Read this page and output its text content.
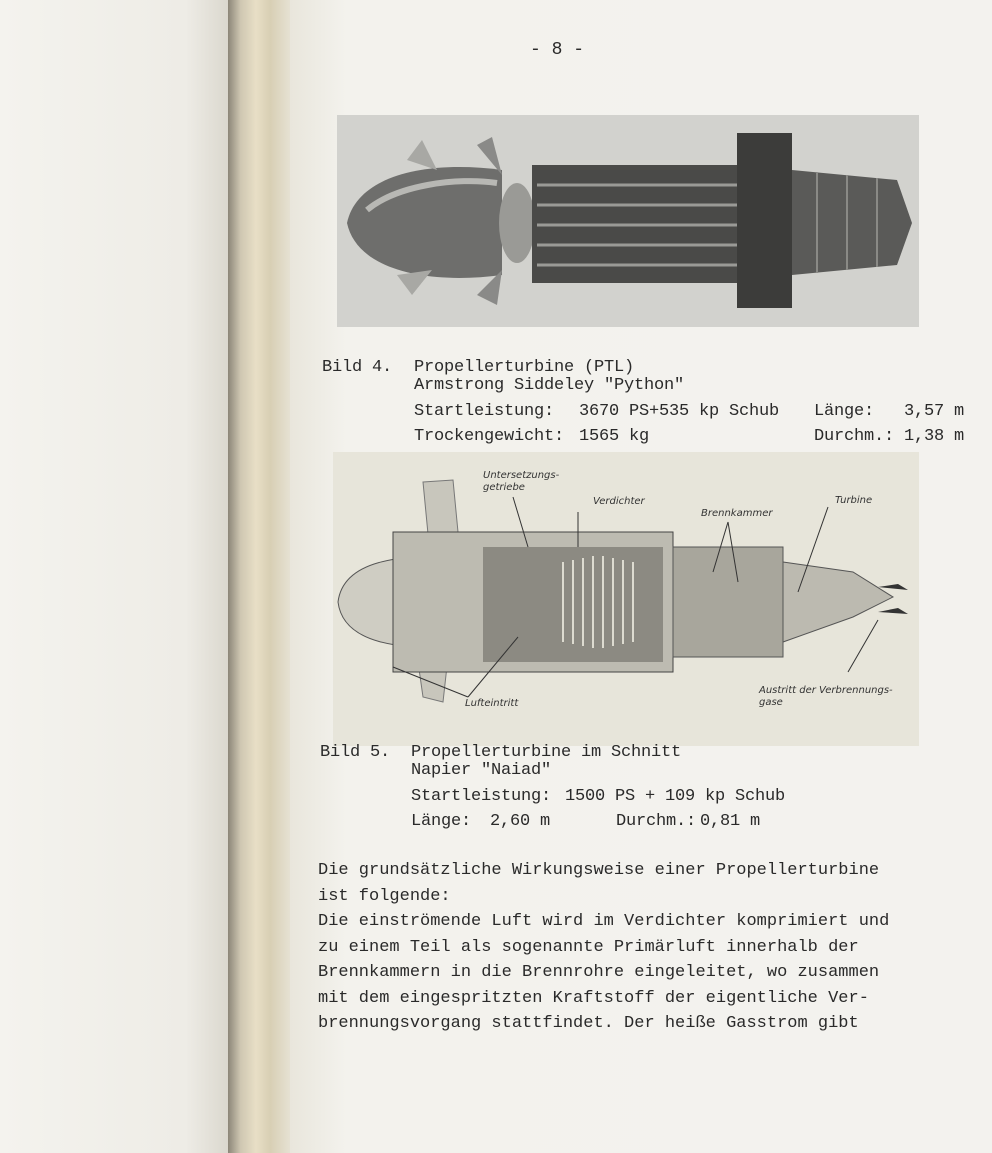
- 8 -
Bild 4. Propellerturbine (PTL)
Armstrong Siddeley "Python"
Startleistung: 3670 PS+535 kp Schub Länge: 3,57 m
Trockengewicht: 1565 kg	Durchm.: 1,38 m
Untersetzungs-
getriebe
Verdichter
Brennkammer
Turbine
Lufteintritt
Austritt der Verbrennungs-
gase
Bild 5. Propellerturbine im Schnitt
Napier "Naiad"
Startleistung: 1500 PS + 109 kp Schub
Länge: 2,60 m	Durchm.: 0,81 m
Die grundsätzliche Wirkungsweise einer Propellerturbine
ist folgende:
Die einströmende Luft wird im Verdichter komprimiert und
zu einem Teil als sogenannte Primärluft innerhalb der
Brennkammern in die Brennrohre eingeleitet, wo zusammen
mit dem eingespritzten Kraftstoff der eigentliche Ver-
brennungsvorgang stattfindet. Der heiße Gasstrom gibt
